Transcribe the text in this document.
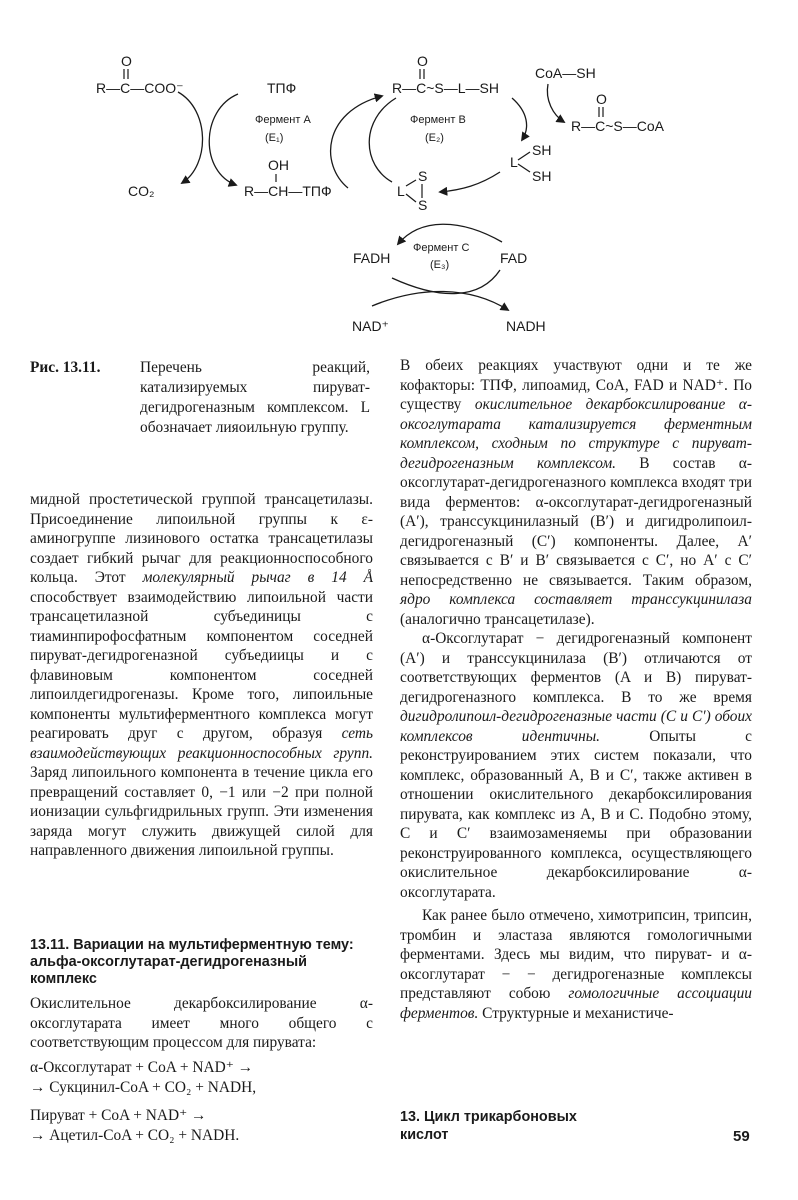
O
R—C—COO⁻	ТПФ
Фермент A
(E₁)
CO₂
OH
R—CH—ТПФ
O
R—C~S—L—SH
Фермент B
(E₂)
CoA—SH
O
R—C~S—CoA
L
SH
SH
L
S
S
FADH	FAD
Фермент C
(E₃)
NAD⁺	NADH
Рис. 13.11.	Перечень реакций, катализируемых пируват-дегидрогеназным комплексом. L обозначает лияоильную группу.

мидной простетической группой трансацетилазы. Присоединение липоильной группы к ε-аминогруппе лизинового остатка трансацетилазы создает гибкий рычаг для реакционноспособного кольца. Этот молекулярный рычаг в 14 Å способствует взаимодействию липоильной части трансацетилазной субъединицы с тиаминпирофосфатным компонентом соседней пируват-дегидрогеназной субъедиицы и с флавиновым компонентом соседней липоилдегидрогеназы. Кроме того, липоильные компоненты мультиферментного комплекса могут реагировать друг с другом, образуя сеть взаимодействующих реакционноспособных групп. Заряд липоильного компонента в течение цикла его превращений составляет 0, −1 или −2 при полной ионизации сульфгидрильных групп. Эти изменения заряда могут служить движущей силой для направленного движения липоильной группы.

13.11. Вариации на мультиферментную тему: альфа-оксоглутарат-дегидрогеназный комплекс

Окислительное декарбоксилирование α-оксоглутарата имеет много общего с соответствующим процессом для пирувата:

α-Оксоглутарат + CoA + NAD⁺ →
→ Сукцинил-CoA + CO₂ + NADH,
Пируват + CoA + NAD⁺ →
→ Ацетил-CoA + CO₂ + NADH.

В обеих реакциях участвуют одни и те же кофакторы: ТПФ, липоамид, CoA, FAD и NAD⁺. По существу окислительное декарбоксилирование α-оксоглутарата катализируется ферментным комплексом, сходным по структуре с пируват-дегидрогеназным комплексом. В состав α-оксоглутарат-дегидрогеназного комплекса входят три вида ферментов: α-оксоглутарат-дегидрогеназный (A′), транссукцинилазный (B′) и дигидролипоил-дегидрогеназный (C′) компоненты. Далее, A′ связывается с B′ и B′ связывается с C′, но A′ с C′ непосредственно не связывается. Таким образом, ядро комплекса составляет транссукцинилаза (аналогично трансацетилазе).

α-Оксоглутарат − дегидрогеназный компонент (A′) и транссукцинилаза (B′) отличаются от соответствующих ферментов (A и B) пируват-дегидрогеназного комплекса. В то же время дигидролипоил-дегидрогеназные части (C и C′) обоих комплексов идентичны. Опыты с реконструированием этих систем показали, что комплекс, образованный A, B и C′, также активен в отношении окислительного декарбоксилирования пирувата, как комплекс из A, B и C. Подобно этому, C и C′ взаимозаменяемы при образовании реконструированного комплекса, осуществляющего окислительное декарбоксилирование α-оксоглутарата.

Как ранее было отмечено, химотрипсин, трипсин, тромбин и эластаза являются гомологичными ферментами. Здесь мы видим, что пируват- и α-оксоглутарат − − дегидрогеназные комплексы представляют собою гомологичные ассоциации ферментов. Структурные и механистиче-

13. Цикл трикарбоновых
кислот	59
